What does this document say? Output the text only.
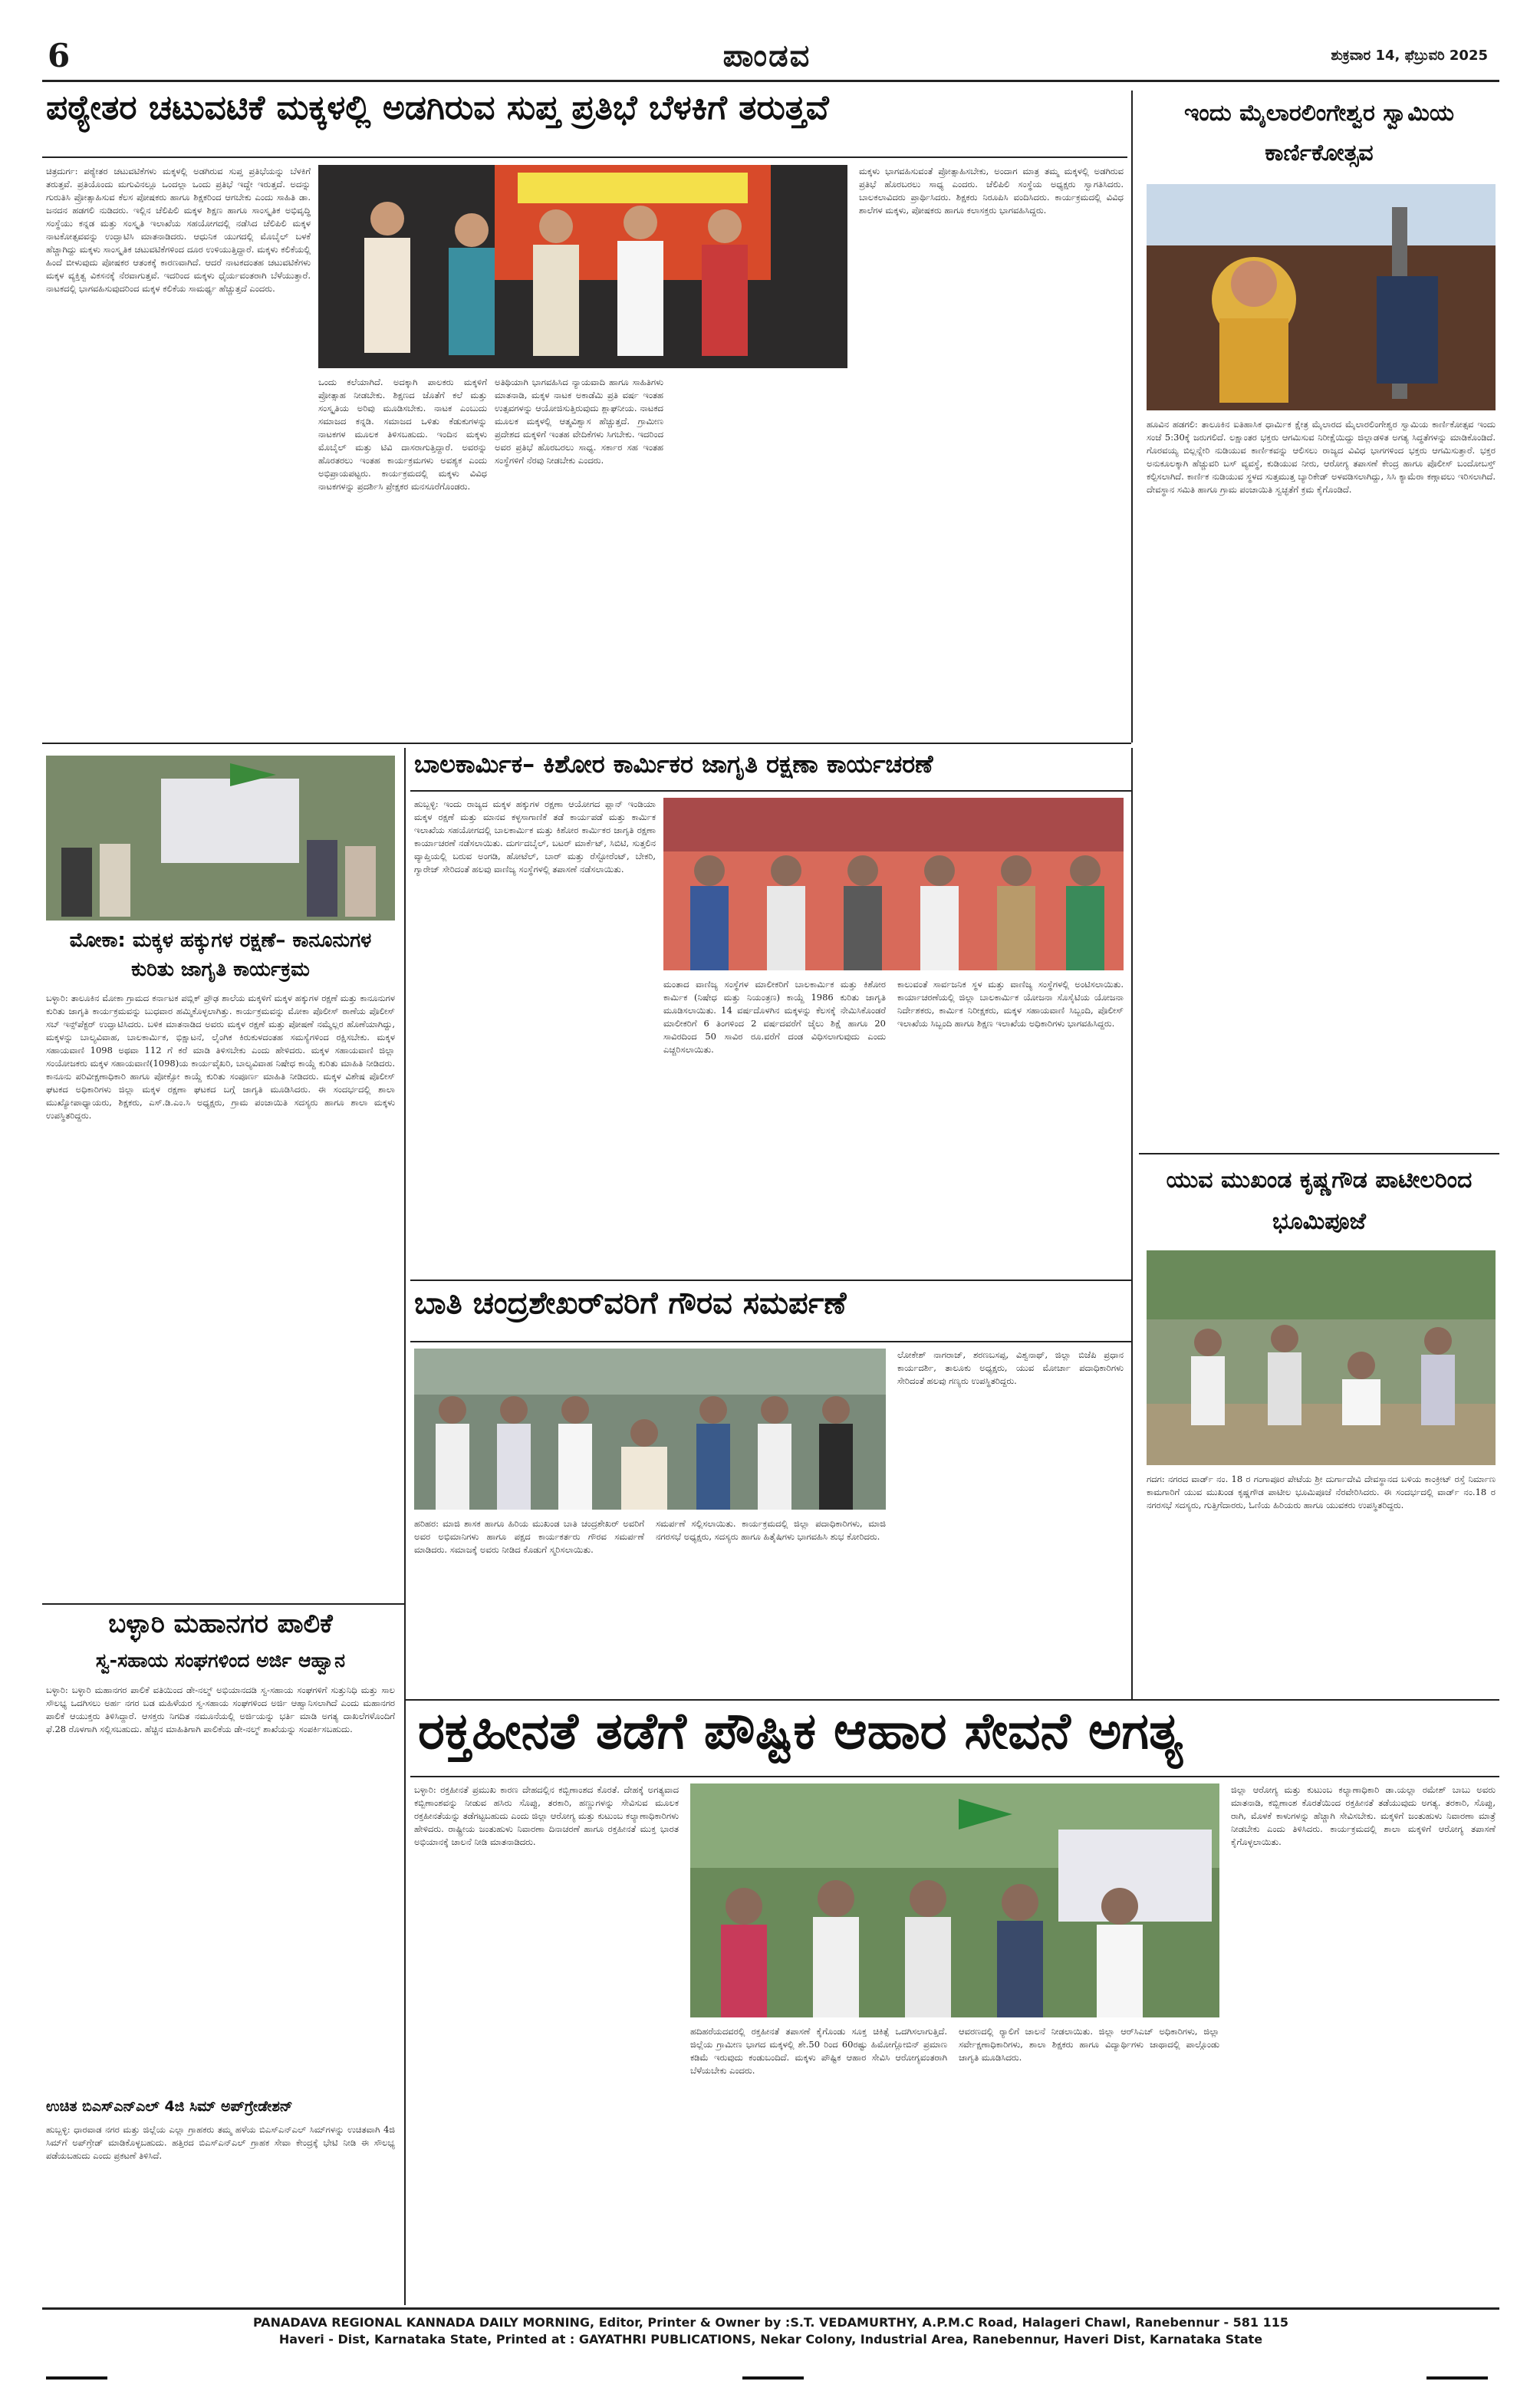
6	ಪಾಂಡವ	ಶುಕ್ರವಾರ 14, ಫೆಬ್ರುವರಿ 2025
ಪಠ್ಯೇತರ ಚಟುವಟಿಕೆ ಮಕ್ಕಳಲ್ಲಿ ಅಡಗಿರುವ ಸುಪ್ತ ಪ್ರತಿಭೆ ಬೆಳಕಿಗೆ ತರುತ್ತವೆ
ಚಿತ್ರದುರ್ಗ: ಪಠ್ಯೇತರ ಚಟುವಟಿಕೆಗಳು ಮಕ್ಕಳಲ್ಲಿ ಅಡಗಿರುವ ಸುಪ್ತ ಪ್ರತಿಭೆಯನ್ನು ಬೆಳಕಿಗೆ ತರುತ್ತವೆ. ಪ್ರತಿಯೊಂದು ಮಗುವಿನಲ್ಲೂ ಒಂದಲ್ಲಾ ಒಂದು ಪ್ರತಿಭೆ ಇದ್ದೇ ಇರುತ್ತದೆ. ಅದನ್ನು ಗುರುತಿಸಿ ಪ್ರೋತ್ಸಾಹಿಸುವ ಕೆಲಸ ಪೋಷಕರು ಹಾಗೂ ಶಿಕ್ಷಕರಿಂದ ಆಗಬೇಕು ಎಂದು ಸಾಹಿತಿ ಡಾ. ಜನದನ ಹಡಗಲಿ ನುಡಿದರು. ಇಲ್ಲಿನ ಚೆಲಿಪಿಲಿ ಮಕ್ಕಳ ಶಿಕ್ಷಣ ಹಾಗೂ ಸಾಂಸ್ಕೃತಿಕ ಅಭಿವೃದ್ಧಿ ಸಂಸ್ಥೆಯು ಕನ್ನಡ ಮತ್ತು ಸಂಸ್ಕೃತಿ ಇಲಾಖೆಯ ಸಹಯೋಗದಲ್ಲಿ ನಡೆಸಿದ ಚೆಲಿಪಿಲಿ ಮಕ್ಕಳ ನಾಟಕೋತ್ಸವವನ್ನು ಉದ್ಘಾಟಿಸಿ ಮಾತನಾಡಿದರು. ಆಧುನಿಕ ಯುಗದಲ್ಲಿ ಮೊಬೈಲ್ ಬಳಕೆ ಹೆಚ್ಚಾಗಿದ್ದು ಮಕ್ಕಳು ಸಾಂಸ್ಕೃತಿಕ ಚಟುವಟಿಕೆಗಳಿಂದ ದೂರ ಉಳಿಯುತ್ತಿದ್ದಾರೆ. ಮಕ್ಕಳು ಕಲಿಕೆಯಲ್ಲಿ ಹಿಂದೆ ಬೀಳುವುದು ಪೋಷಕರ ಆತಂಕಕ್ಕೆ ಕಾರಣವಾಗಿದೆ. ಆದರೆ ನಾಟಕದಂತಹ ಚಟುವಟಿಕೆಗಳು ಮಕ್ಕಳ ವ್ಯಕ್ತಿತ್ವ ವಿಕಸನಕ್ಕೆ ನೆರವಾಗುತ್ತವೆ. ಇದರಿಂದ ಮಕ್ಕಳು ಧೈರ್ಯವಂತರಾಗಿ ಬೆಳೆಯುತ್ತಾರೆ. ನಾಟಕದಲ್ಲಿ ಭಾಗವಹಿಸುವುದರಿಂದ ಮಕ್ಕಳ ಕಲಿಕೆಯ ಸಾಮರ್ಥ್ಯ ಹೆಚ್ಚುತ್ತದೆ ಎಂದರು.
ಒಂದು ಕಲೆಯಾಗಿದೆ. ಅದಕ್ಕಾಗಿ ಪಾಲಕರು ಮಕ್ಕಳಿಗೆ ಪ್ರೋತ್ಸಾಹ ನೀಡಬೇಕು. ಶಿಕ್ಷಣದ ಜೊತೆಗೆ ಕಲೆ ಮತ್ತು ಸಂಸ್ಕೃತಿಯ ಅರಿವು ಮೂಡಿಸಬೇಕು. ನಾಟಕ ಎಂಬುದು ಸಮಾಜದ ಕನ್ನಡಿ. ಸಮಾಜದ ಒಳಿತು ಕೆಡುಕುಗಳನ್ನು ನಾಟಕಗಳ ಮೂಲಕ ತಿಳಿಸಬಹುದು. ಇಂದಿನ ಮಕ್ಕಳು ಮೊಬೈಲ್ ಮತ್ತು ಟಿವಿ ದಾಸರಾಗುತ್ತಿದ್ದಾರೆ. ಅವರನ್ನು ಹೊರತರಲು ಇಂತಹ ಕಾರ್ಯಕ್ರಮಗಳು ಅವಶ್ಯಕ ಎಂದು ಅಭಿಪ್ರಾಯಪಟ್ಟರು. ಕಾರ್ಯಕ್ರಮದಲ್ಲಿ ಮಕ್ಕಳು ವಿವಿಧ ನಾಟಕಗಳನ್ನು ಪ್ರದರ್ಶಿಸಿ ಪ್ರೇಕ್ಷಕರ ಮನಸೂರೆಗೊಂಡರು.
ಅತಿಥಿಯಾಗಿ ಭಾಗವಹಿಸಿದ ನ್ಯಾಯವಾದಿ ಹಾಗೂ ಸಾಹಿತಿಗಳು ಮಾತನಾಡಿ, ಮಕ್ಕಳ ನಾಟಕ ಅಕಾಡೆಮಿ ಪ್ರತಿ ವರ್ಷ ಇಂತಹ ಉತ್ಸವಗಳನ್ನು ಆಯೋಜಿಸುತ್ತಿರುವುದು ಶ್ಲಾಘನೀಯ. ನಾಟಕದ ಮೂಲಕ ಮಕ್ಕಳಲ್ಲಿ ಆತ್ಮವಿಶ್ವಾಸ ಹೆಚ್ಚುತ್ತದೆ. ಗ್ರಾಮೀಣ ಪ್ರದೇಶದ ಮಕ್ಕಳಿಗೆ ಇಂತಹ ವೇದಿಕೆಗಳು ಸಿಗಬೇಕು. ಇದರಿಂದ ಅವರ ಪ್ರತಿಭೆ ಹೊರಬರಲು ಸಾಧ್ಯ. ಸರ್ಕಾರ ಸಹ ಇಂತಹ ಸಂಸ್ಥೆಗಳಿಗೆ ನೆರವು ನೀಡಬೇಕು ಎಂದರು.
ಮಕ್ಕಳು ಭಾಗವಹಿಸುವಂತೆ ಪ್ರೋತ್ಸಾಹಿಸಬೇಕು, ಅಂದಾಗ ಮಾತ್ರ ತಮ್ಮ ಮಕ್ಕಳಲ್ಲಿ ಅಡಗಿರುವ ಪ್ರತಿಭೆ ಹೊರಬರಲು ಸಾಧ್ಯ ಎಂದರು. ಚೆಲಿಪಿಲಿ ಸಂಸ್ಥೆಯ ಅಧ್ಯಕ್ಷರು ಸ್ವಾಗತಿಸಿದರು. ಬಾಲಕಲಾವಿದರು ಪ್ರಾರ್ಥಿಸಿದರು. ಶಿಕ್ಷಕರು ನಿರೂಪಿಸಿ ವಂದಿಸಿದರು. ಕಾರ್ಯಕ್ರಮದಲ್ಲಿ ವಿವಿಧ ಶಾಲೆಗಳ ಮಕ್ಕಳು, ಪೋಷಕರು ಹಾಗೂ ಕಲಾಸಕ್ತರು ಭಾಗವಹಿಸಿದ್ದರು.
ಇಂದು ಮೈಲಾರಲಿಂಗೇಶ್ವರ ಸ್ವಾಮಿಯ ಕಾರ್ಣಿಕೋತ್ಸವ
ಹೂವಿನ ಹಡಗಲಿ: ತಾಲೂಕಿನ ಐತಿಹಾಸಿಕ ಧಾರ್ಮಿಕ ಕ್ಷೇತ್ರ ಮೈಲಾರದ ಮೈಲಾರಲಿಂಗೇಶ್ವರ ಸ್ವಾಮಿಯ ಕಾರ್ಣಿಕೋತ್ಸವ ಇಂದು ಸಂಜೆ 5:30ಕ್ಕೆ ಜರುಗಲಿದೆ. ಲಕ್ಷಾಂತರ ಭಕ್ತರು ಆಗಮಿಸುವ ನಿರೀಕ್ಷೆಯಿದ್ದು ಜಿಲ್ಲಾಡಳಿತ ಅಗತ್ಯ ಸಿದ್ಧತೆಗಳನ್ನು ಮಾಡಿಕೊಂಡಿದೆ. ಗೊರವಯ್ಯ ಬಿಲ್ಲನ್ನೇರಿ ನುಡಿಯುವ ಕಾರ್ಣಿಕವನ್ನು ಆಲಿಸಲು ರಾಜ್ಯದ ವಿವಿಧ ಭಾಗಗಳಿಂದ ಭಕ್ತರು ಆಗಮಿಸುತ್ತಾರೆ. ಭಕ್ತರ ಅನುಕೂಲಕ್ಕಾಗಿ ಹೆಚ್ಚುವರಿ ಬಸ್ ವ್ಯವಸ್ಥೆ, ಕುಡಿಯುವ ನೀರು, ಆರೋಗ್ಯ ತಪಾಸಣೆ ಕೇಂದ್ರ ಹಾಗೂ ಪೊಲೀಸ್ ಬಂದೋಬಸ್ತ್ ಕಲ್ಪಿಸಲಾಗಿದೆ. ಕಾರ್ಣಿಕ ನುಡಿಯುವ ಸ್ಥಳದ ಸುತ್ತಮುತ್ತ ಬ್ಯಾರಿಕೇಡ್ ಅಳವಡಿಸಲಾಗಿದ್ದು, ಸಿಸಿ ಕ್ಯಾಮೆರಾ ಕಣ್ಗಾವಲು ಇರಿಸಲಾಗಿದೆ. ದೇವಸ್ಥಾನ ಸಮಿತಿ ಹಾಗೂ ಗ್ರಾಮ ಪಂಚಾಯಿತಿ ಸ್ವಚ್ಛತೆಗೆ ಕ್ರಮ ಕೈಗೊಂಡಿದೆ.
ಮೋಕಾ: ಮಕ್ಕಳ ಹಕ್ಕುಗಳ ರಕ್ಷಣೆ– ಕಾನೂನುಗಳ ಕುರಿತು ಜಾಗೃತಿ ಕಾರ್ಯಕ್ರಮ
ಬಳ್ಳಾರಿ: ತಾಲೂಕಿನ ಮೋಕಾ ಗ್ರಾಮದ ಕರ್ನಾಟಕ ಪಬ್ಲಿಕ್ ಪ್ರೌಢ ಶಾಲೆಯ ಮಕ್ಕಳಿಗೆ ಮಕ್ಕಳ ಹಕ್ಕುಗಳ ರಕ್ಷಣೆ ಮತ್ತು ಕಾನೂನುಗಳ ಕುರಿತು ಜಾಗೃತಿ ಕಾರ್ಯಕ್ರಮವನ್ನು ಬುಧವಾರ ಹಮ್ಮಿಕೊಳ್ಳಲಾಗಿತ್ತು. ಕಾರ್ಯಕ್ರಮವನ್ನು ಮೋಕಾ ಪೊಲೀಸ್ ಠಾಣೆಯ ಪೊಲೀಸ್ ಸಬ್ ಇನ್ಸ್‌ಪೆಕ್ಟರ್ ಉದ್ಘಾಟಿಸಿದರು. ಬಳಿಕ ಮಾತನಾಡಿದ ಅವರು ಮಕ್ಕಳ ರಕ್ಷಣೆ ಮತ್ತು ಪೋಷಣೆ ನಮ್ಮೆಲ್ಲರ ಹೊಣೆಯಾಗಿದ್ದು, ಮಕ್ಕಳನ್ನು ಬಾಲ್ಯವಿವಾಹ, ಬಾಲಕಾರ್ಮಿಕ, ಭಿಕ್ಷಾಟನೆ, ಲೈಂಗಿಕ ಕಿರುಕುಳದಂತಹ ಸಮಸ್ಯೆಗಳಿಂದ ರಕ್ಷಿಸಬೇಕು. ಮಕ್ಕಳ ಸಹಾಯವಾಣಿ 1098 ಅಥವಾ 112 ಗೆ ಕರೆ ಮಾಡಿ ತಿಳಿಸಬೇಕು ಎಂದು ಹೇಳಿದರು. ಮಕ್ಕಳ ಸಹಾಯವಾಣಿ ಜಿಲ್ಲಾ ಸಂಯೋಜಕರು ಮಕ್ಕಳ ಸಹಾಯವಾಣಿ(1098)ಯ ಕಾರ್ಯವೈಖರಿ, ಬಾಲ್ಯವಿವಾಹ ನಿಷೇಧ ಕಾಯ್ದೆ ಕುರಿತು ಮಾಹಿತಿ ನೀಡಿದರು. ಕಾನೂನು ಪರಿವೀಕ್ಷಣಾಧಿಕಾರಿ ಹಾಗೂ ಪೋಕ್ಸೋ ಕಾಯ್ದೆ ಕುರಿತು ಸಂಪೂರ್ಣ ಮಾಹಿತಿ ನೀಡಿದರು. ಮಕ್ಕಳ ವಿಶೇಷ ಪೊಲೀಸ್ ಘಟಕದ ಅಧಿಕಾರಿಗಳು ಜಿಲ್ಲಾ ಮಕ್ಕಳ ರಕ್ಷಣಾ ಘಟಕದ ಬಗ್ಗೆ ಜಾಗೃತಿ ಮೂಡಿಸಿದರು. ಈ ಸಂದರ್ಭದಲ್ಲಿ ಶಾಲಾ ಮುಖ್ಯೋಪಾಧ್ಯಾಯರು, ಶಿಕ್ಷಕರು, ಎಸ್.ಡಿ.ಎಂ.ಸಿ ಅಧ್ಯಕ್ಷರು, ಗ್ರಾಮ ಪಂಚಾಯಿತಿ ಸದಸ್ಯರು ಹಾಗೂ ಶಾಲಾ ಮಕ್ಕಳು ಉಪಸ್ಥಿತರಿದ್ದರು.
ಬಾಲಕಾರ್ಮಿಕ– ಕಿಶೋರ ಕಾರ್ಮಿಕರ ಜಾಗೃತಿ ರಕ್ಷಣಾ ಕಾರ್ಯಚರಣೆ
ಹುಬ್ಬಳ್ಳಿ: ಇಂದು ರಾಜ್ಯದ ಮಕ್ಕಳ ಹಕ್ಕುಗಳ ರಕ್ಷಣಾ ಆಯೋಗದ ಪ್ಲಾನ್ ಇಂಡಿಯಾ ಮಕ್ಕಳ ರಕ್ಷಣೆ ಮತ್ತು ಮಾನವ ಕಳ್ಳಸಾಗಾಣಿಕೆ ತಡೆ ಕಾರ್ಯಪಡೆ ಮತ್ತು ಕಾರ್ಮಿಕ ಇಲಾಖೆಯ ಸಹಯೋಗದಲ್ಲಿ ಬಾಲಕಾರ್ಮಿಕ ಮತ್ತು ಕಿಶೋರ ಕಾರ್ಮಿಕರ ಜಾಗೃತಿ ರಕ್ಷಣಾ ಕಾರ್ಯಾಚರಣೆ ನಡೆಸಲಾಯಿತು. ದುರ್ಗದಬೈಲ್, ಬಟರ್ ಮಾರ್ಕೆಟ್, ಸಿಬಿಟಿ, ಸುತ್ತಲಿನ ವ್ಯಾಪ್ತಿಯಲ್ಲಿ ಬರುವ ಅಂಗಡಿ, ಹೋಟೆಲ್, ಬಾರ್ ಮತ್ತು ರೆಸ್ಟೋರೆಂಟ್, ಬೇಕರಿ, ಗ್ಯಾರೇಜ್ ಸೇರಿದಂತೆ ಹಲವು ವಾಣಿಜ್ಯ ಸಂಸ್ಥೆಗಳಲ್ಲಿ ತಪಾಸಣೆ ನಡೆಸಲಾಯಿತು.
ಮಂತಾದ ವಾಣಿಜ್ಯ ಸಂಸ್ಥೆಗಳ ಮಾಲೀಕರಿಗೆ ಬಾಲಕಾರ್ಮಿಕ ಮತ್ತು ಕಿಶೋರ ಕಾರ್ಮಿಕ (ನಿಷೇಧ ಮತ್ತು ನಿಯಂತ್ರಣ) ಕಾಯ್ದೆ 1986 ಕುರಿತು ಜಾಗೃತಿ ಮೂಡಿಸಲಾಯಿತು. 14 ವರ್ಷದೊಳಗಿನ ಮಕ್ಕಳನ್ನು ಕೆಲಸಕ್ಕೆ ನೇಮಿಸಿಕೊಂಡರೆ ಮಾಲೀಕರಿಗೆ 6 ತಿಂಗಳಿಂದ 2 ವರ್ಷದವರೆಗೆ ಜೈಲು ಶಿಕ್ಷೆ ಹಾಗೂ 20 ಸಾವಿರದಿಂದ 50 ಸಾವಿರ ರೂ.ವರೆಗೆ ದಂಡ ವಿಧಿಸಲಾಗುವುದು ಎಂದು ಎಚ್ಚರಿಸಲಾಯಿತು.
ಕಾಲುವಂತೆ ಸಾರ್ವಜನಿಕ ಸ್ಥಳ ಮತ್ತು ವಾಣಿಜ್ಯ ಸಂಸ್ಥೆಗಳಲ್ಲಿ ಅಂಟಿಸಲಾಯಿತು. ಕಾರ್ಯಾಚರಣೆಯಲ್ಲಿ ಜಿಲ್ಲಾ ಬಾಲಕಾರ್ಮಿಕ ಯೋಜನಾ ಸೊಸೈಟಿಯ ಯೋಜನಾ ನಿರ್ದೇಶಕರು, ಕಾರ್ಮಿಕ ನಿರೀಕ್ಷಕರು, ಮಕ್ಕಳ ಸಹಾಯವಾಣಿ ಸಿಬ್ಬಂದಿ, ಪೊಲೀಸ್ ಇಲಾಖೆಯ ಸಿಬ್ಬಂದಿ ಹಾಗೂ ಶಿಕ್ಷಣ ಇಲಾಖೆಯ ಅಧಿಕಾರಿಗಳು ಭಾಗವಹಿಸಿದ್ದರು.
ಯುವ ಮುಖಂಡ ಕೃಷ್ಣಗೌಡ ಪಾಟೀಲರಿಂದ ಭೂಮಿಪೂಜೆ
ಗದಗ: ನಗರದ ವಾರ್ಡ್ ನಂ. 18 ರ ಗಂಗಾಪೂರ ಪೇಟೆಯ ಶ್ರೀ ದುರ್ಗಾದೇವಿ ದೇವಸ್ಥಾನದ ಬಳಿಯ ಕಾಂಕ್ರೀಟ್ ರಸ್ತೆ ನಿರ್ಮಾಣ ಕಾಮಗಾರಿಗೆ ಯುವ ಮುಖಂಡ ಕೃಷ್ಣಗೌಡ ಪಾಟೀಲ ಭೂಮಿಪೂಜೆ ನೆರವೇರಿಸಿದರು. ಈ ಸಂದರ್ಭದಲ್ಲಿ ವಾರ್ಡ್ ನಂ.18 ರ ನಗರಸಭೆ ಸದಸ್ಯರು, ಗುತ್ತಿಗೆದಾರರು, ಓಣಿಯ ಹಿರಿಯರು ಹಾಗೂ ಯುವಕರು ಉಪಸ್ಥಿತರಿದ್ದರು.
ಬಾತಿ ಚಂದ್ರಶೇಖರ್‌ವರಿಗೆ ಗೌರವ ಸಮರ್ಪಣೆ
ಲೋಕೇಶ್ ನಾಗರಾಜ್, ಶರಣಬಸಪ್ಪ, ವಿಶ್ವನಾಥ್, ಜಿಲ್ಲಾ ಬಿಜೆಪಿ ಪ್ರಧಾನ ಕಾರ್ಯದರ್ಶಿ, ತಾಲೂಕು ಅಧ್ಯಕ್ಷರು, ಯುವ ಮೋರ್ಚಾ ಪದಾಧಿಕಾರಿಗಳು ಸೇರಿದಂತೆ ಹಲವು ಗಣ್ಯರು ಉಪಸ್ಥಿತರಿದ್ದರು.
ಹರಿಹರ: ಮಾಜಿ ಶಾಸಕ ಹಾಗೂ ಹಿರಿಯ ಮುಖಂಡ ಬಾತಿ ಚಂದ್ರಶೇಖರ್ ಅವರಿಗೆ ಅವರ ಅಭಿಮಾನಿಗಳು ಹಾಗೂ ಪಕ್ಷದ ಕಾರ್ಯಕರ್ತರು ಗೌರವ ಸಮರ್ಪಣೆ ಮಾಡಿದರು. ಸಮಾಜಕ್ಕೆ ಅವರು ನೀಡಿದ ಕೊಡುಗೆ ಸ್ಮರಿಸಲಾಯಿತು.
ಸಮರ್ಪಣೆ ಸಲ್ಲಿಸಲಾಯಿತು. ಕಾರ್ಯಕ್ರಮದಲ್ಲಿ ಜಿಲ್ಲಾ ಪದಾಧಿಕಾರಿಗಳು, ಮಾಜಿ ನಗರಸಭೆ ಅಧ್ಯಕ್ಷರು, ಸದಸ್ಯರು ಹಾಗೂ ಹಿತೈಷಿಗಳು ಭಾಗವಹಿಸಿ ಶುಭ ಕೋರಿದರು.
ಬಳ್ಳಾರಿ ಮಹಾನಗರ ಪಾಲಿಕೆ
ಸ್ವ-ಸಹಾಯ ಸಂಘಗಳಿಂದ ಅರ್ಜಿ ಆಹ್ವಾನ
ಬಳ್ಳಾರಿ: ಬಳ್ಳಾರಿ ಮಹಾನಗರ ಪಾಲಿಕೆ ವತಿಯಿಂದ ಡೇ-ನಲ್ಮ್ ಅಭಿಯಾನದಡಿ ಸ್ವ-ಸಹಾಯ ಸಂಘಗಳಿಗೆ ಸುತ್ತುನಿಧಿ ಮತ್ತು ಸಾಲ ಸೌಲಭ್ಯ ಒದಗಿಸಲು ಅರ್ಹ ನಗರ ಬಡ ಮಹಿಳೆಯರ ಸ್ವ-ಸಹಾಯ ಸಂಘಗಳಿಂದ ಅರ್ಜಿ ಆಹ್ವಾನಿಸಲಾಗಿದೆ ಎಂದು ಮಹಾನಗರ ಪಾಲಿಕೆ ಆಯುಕ್ತರು ತಿಳಿಸಿದ್ದಾರೆ. ಆಸಕ್ತರು ನಿಗದಿತ ನಮೂನೆಯಲ್ಲಿ ಅರ್ಜಿಯನ್ನು ಭರ್ತಿ ಮಾಡಿ ಅಗತ್ಯ ದಾಖಲೆಗಳೊಂದಿಗೆ ಫೆ.28 ರೊಳಗಾಗಿ ಸಲ್ಲಿಸಬಹುದು. ಹೆಚ್ಚಿನ ಮಾಹಿತಿಗಾಗಿ ಪಾಲಿಕೆಯ ಡೇ-ನಲ್ಮ್ ಶಾಖೆಯನ್ನು ಸಂಪರ್ಕಿಸಬಹುದು.
ಉಚಿತ ಬಿಎಸ್‌ಎನ್‌ಎಲ್ 4ಜಿ ಸಿಮ್ ಅಪ್‌ಗ್ರೇಡೇಶನ್
ಹುಬ್ಬಳ್ಳಿ: ಧಾರವಾಡ ನಗರ ಮತ್ತು ಜಿಲ್ಲೆಯ ಎಲ್ಲಾ ಗ್ರಾಹಕರು ತಮ್ಮ ಹಳೆಯ ಬಿಎಸ್‌ಎನ್‌ಎಲ್ ಸಿಮ್‌ಗಳನ್ನು ಉಚಿತವಾಗಿ 4ಜಿ ಸಿಮ್‌ಗೆ ಅಪ್‌ಗ್ರೇಡ್ ಮಾಡಿಕೊಳ್ಳಬಹುದು. ಹತ್ತಿರದ ಬಿಎಸ್‌ಎನ್‌ಎಲ್ ಗ್ರಾಹಕ ಸೇವಾ ಕೇಂದ್ರಕ್ಕೆ ಭೇಟಿ ನೀಡಿ ಈ ಸೌಲಭ್ಯ ಪಡೆಯಬಹುದು ಎಂದು ಪ್ರಕಟಣೆ ತಿಳಿಸಿದೆ.
ರಕ್ತಹೀನತೆ ತಡೆಗೆ ಪೌಷ್ಟಿಕ ಆಹಾರ ಸೇವನೆ ಅಗತ್ಯ
ಬಳ್ಳಾರಿ: ರಕ್ತಹೀನತೆ ಪ್ರಮುಖ ಕಾರಣ ದೇಹದಲ್ಲಿನ ಕಬ್ಬಿಣಾಂಶದ ಕೊರತೆ. ದೇಹಕ್ಕೆ ಅಗತ್ಯವಾದ ಕಬ್ಬಿಣಾಂಶವನ್ನು ನೀಡುವ ಹಸಿರು ಸೊಪ್ಪು, ತರಕಾರಿ, ಹಣ್ಣುಗಳನ್ನು ಸೇವಿಸುವ ಮೂಲಕ ರಕ್ತಹೀನತೆಯನ್ನು ತಡೆಗಟ್ಟಬಹುದು ಎಂದು ಜಿಲ್ಲಾ ಆರೋಗ್ಯ ಮತ್ತು ಕುಟುಂಬ ಕಲ್ಯಾಣಾಧಿಕಾರಿಗಳು ಹೇಳಿದರು. ರಾಷ್ಟ್ರೀಯ ಜಂತುಹುಳು ನಿವಾರಣಾ ದಿನಾಚರಣೆ ಹಾಗೂ ರಕ್ತಹೀನತೆ ಮುಕ್ತ ಭಾರತ ಅಭಿಯಾನಕ್ಕೆ ಚಾಲನೆ ನೀಡಿ ಮಾತನಾಡಿದರು.
ಹದಿಹರೆಯದವರಲ್ಲಿ ರಕ್ತಹೀನತೆ ತಪಾಸಣೆ ಕೈಗೊಂಡು ಸೂಕ್ತ ಚಿಕಿತ್ಸೆ ಒದಗಿಸಲಾಗುತ್ತಿದೆ. ಜಿಲ್ಲೆಯ ಗ್ರಾಮೀಣ ಭಾಗದ ಮಕ್ಕಳಲ್ಲಿ ಶೇ.50 ರಿಂದ 60ರಷ್ಟು ಹಿಮೋಗ್ಲೋಬಿನ್ ಪ್ರಮಾಣ ಕಡಿಮೆ ಇರುವುದು ಕಂಡುಬಂದಿದೆ. ಮಕ್ಕಳು ಪೌಷ್ಟಿಕ ಆಹಾರ ಸೇವಿಸಿ ಆರೋಗ್ಯವಂತರಾಗಿ ಬೆಳೆಯಬೇಕು ಎಂದರು.
ಆವರಣದಲ್ಲಿ ರ‍್ಯಾಲಿಗೆ ಚಾಲನೆ ನೀಡಲಾಯಿತು. ಜಿಲ್ಲಾ ಆರ್‌ಸಿಎಚ್ ಅಧಿಕಾರಿಗಳು, ಜಿಲ್ಲಾ ಸರ್ವೇಕ್ಷಣಾಧಿಕಾರಿಗಳು, ಶಾಲಾ ಶಿಕ್ಷಕರು ಹಾಗೂ ವಿದ್ಯಾರ್ಥಿಗಳು ಜಾಥಾದಲ್ಲಿ ಪಾಲ್ಗೊಂಡು ಜಾಗೃತಿ ಮೂಡಿಸಿದರು.
ಜಿಲ್ಲಾ ಆರೋಗ್ಯ ಮತ್ತು ಕುಟುಂಬ ಕಲ್ಯಾಣಾಧಿಕಾರಿ ಡಾ.ಯಲ್ಲಾ ರಮೇಶ್ ಬಾಬು ಅವರು ಮಾತನಾಡಿ, ಕಬ್ಬಿಣಾಂಶ ಕೊರತೆಯಿಂದ ರಕ್ತಹೀನತೆ ತಡೆಯುವುದು ಅಗತ್ಯ. ತರಕಾರಿ, ಸೊಪ್ಪು, ರಾಗಿ, ಮೊಳಕೆ ಕಾಳುಗಳನ್ನು ಹೆಚ್ಚಾಗಿ ಸೇವಿಸಬೇಕು. ಮಕ್ಕಳಿಗೆ ಜಂತುಹುಳು ನಿವಾರಣಾ ಮಾತ್ರೆ ನೀಡಬೇಕು ಎಂದು ತಿಳಿಸಿದರು. ಕಾರ್ಯಕ್ರಮದಲ್ಲಿ ಶಾಲಾ ಮಕ್ಕಳಿಗೆ ಆರೋಗ್ಯ ತಪಾಸಣೆ ಕೈಗೊಳ್ಳಲಾಯಿತು.
PANADAVA REGIONAL KANNADA DAILY MORNING, Editor, Printer & Owner by :S.T. VEDAMURTHY, A.P.M.C Road, Halageri Chawl, Ranebennur - 581 115
Haveri - Dist, Karnataka State, Printed at : GAYATHRI PUBLICATIONS, Nekar Colony, Industrial Area, Ranebennur, Haveri Dist, Karnataka State
